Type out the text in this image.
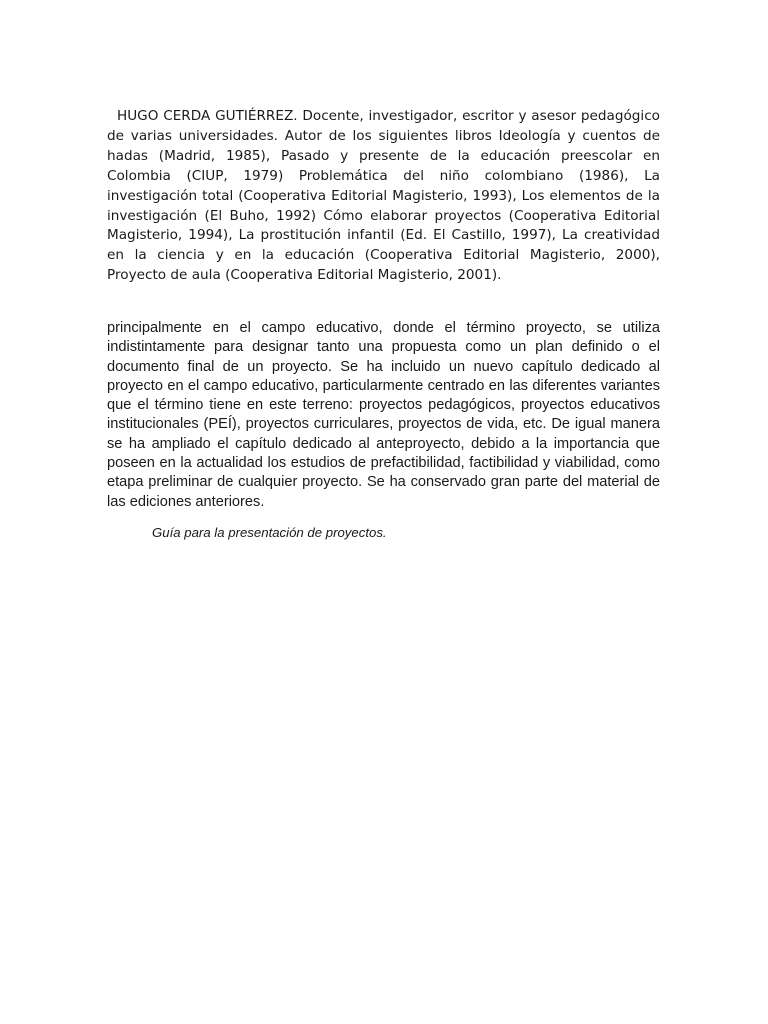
HUGO CERDA GUTIÉRREZ. Docente, investigador, escritor y asesor pedagógico de varias universidades. Autor de los siguientes libros Ideología y cuentos de hadas (Madrid, 1985), Pasado y presente de la educación preescolar en Colombia (CIUP, 1979) Problemática del niño colombiano (1986), La investigación total (Cooperativa Editorial Magisterio, 1993), Los elementos de la investigación (El Buho, 1992) Cómo elaborar proyectos (Cooperativa Editorial Magisterio, 1994), La prostitución infantil (Ed. El Castillo, 1997), La creatividad en la ciencia y en la educación (Cooperativa Editorial Magisterio, 2000), Proyecto de aula (Cooperativa Editorial Magisterio, 2001).

principalmente en el campo educativo, donde el término proyecto, se utiliza indistintamente para designar tanto una propuesta como un plan definido o el documento final de un proyecto. Se ha incluido un nuevo capítulo dedicado al proyecto en el campo educativo, particularmente centrado en las diferentes variantes que el término tiene en este terreno: proyectos pedagógicos, proyectos educativos institucionales (PEÍ), proyectos curriculares, proyectos de vida, etc. De igual manera se ha ampliado el capítulo dedicado al anteproyecto, debido a la importancia que poseen en la actualidad los estudios de prefactibilidad, factibilidad y viabilidad, como etapa preliminar de cualquier proyecto. Se ha conservado gran parte del material de las ediciones anteriores.

Guía para la presentación de proyectos.
